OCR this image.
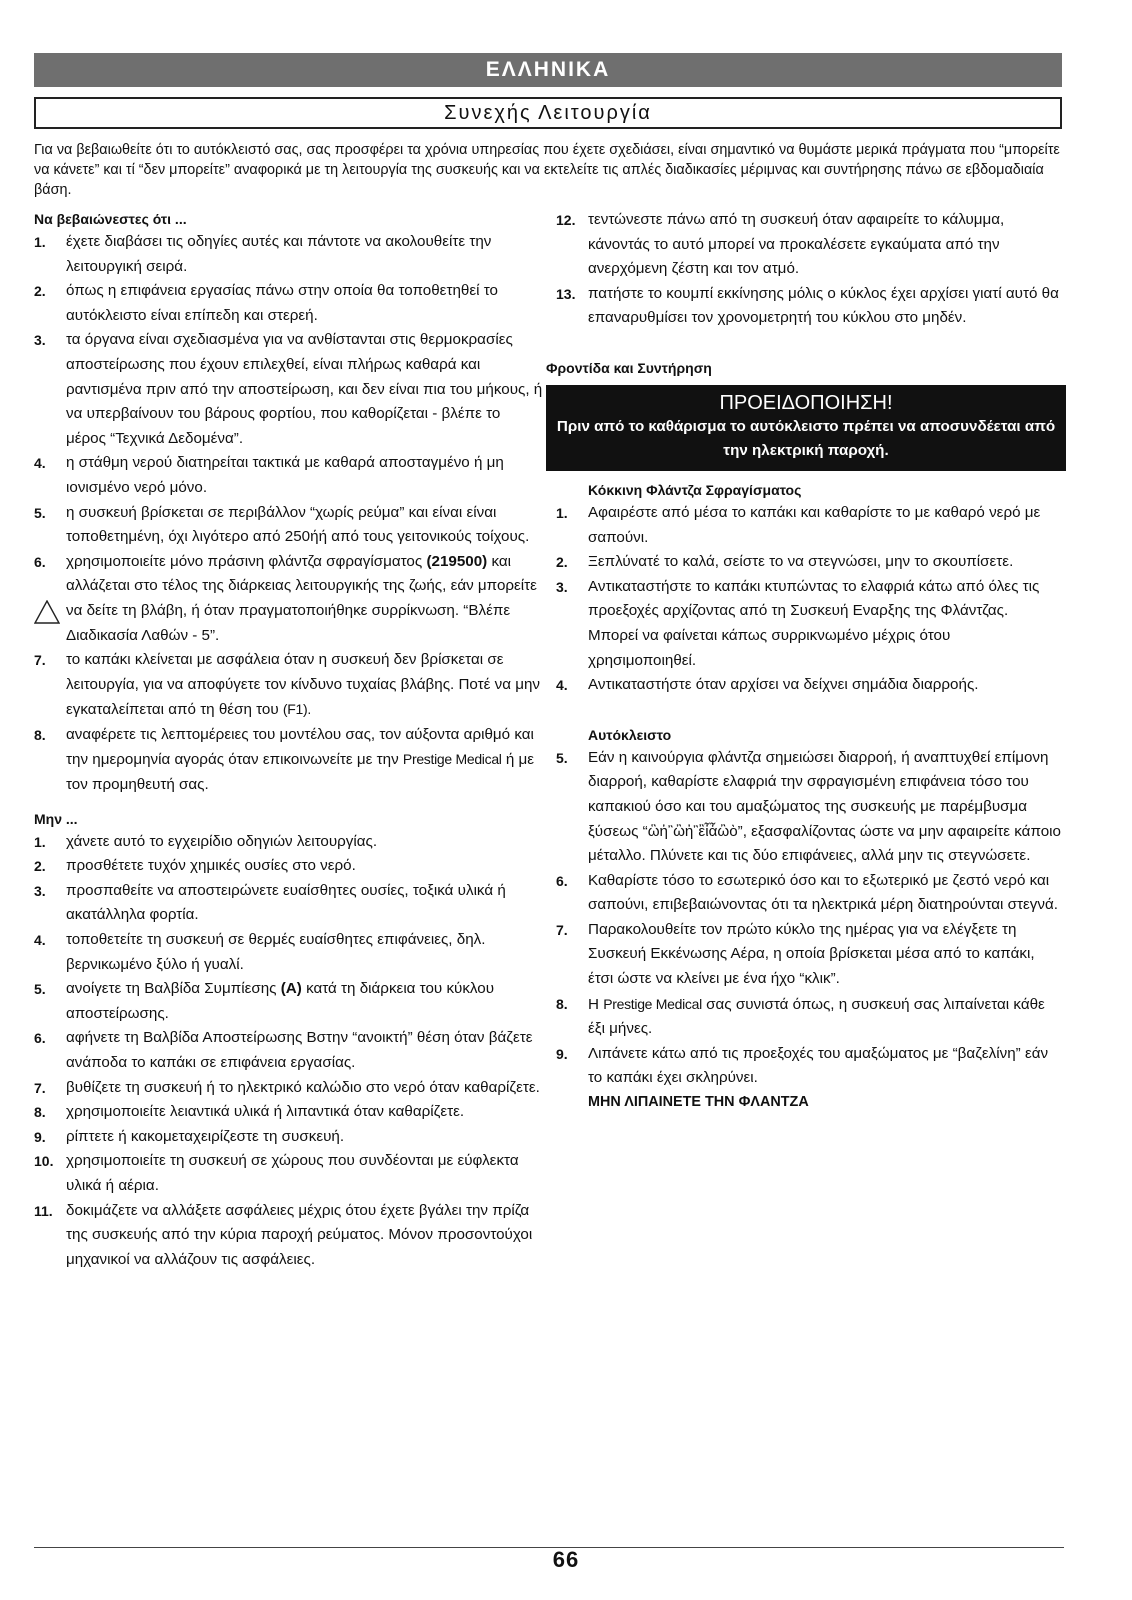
ΕΛΛΗΝΙΚΑ
Συνεχής Λειτουργία
Για να βεβαιωθείτε ότι το αυτόκλειστό σας, σας προσφέρει τα χρόνια υπηρεσίας που έχετε σχεδιάσει, είναι σημαντικό να θυμάστε μερικά πράγματα που “μπορείτε να κάνετε” και τί “δεν μπορείτε” αναφορικά με τη λειτουργία της συσκευής και να εκτελείτε τις απλές διαδικασίες μέριμνας και συντήρησης πάνω σε εβδομαδιαία βάση.
Να βεβαιώνεστες ότι ...
1. έχετε διαβάσει τις οδηγίες αυτές και πάντοτε να ακολουθείτε την λειτουργική σειρά.
2. όπως η επιφάνεια εργασίας πάνω στην οποία θα τοποθετηθεί το αυτόκλειστο είναι επίπεδη και στερεή.
3. τα όργανα είναι σχεδιασμένα για να ανθίστανται στις θερμοκρασίες αποστείρωσης που έχουν επιλεχθεί, είναι πλήρως καθαρά και ραντισμένα πριν από την αποστείρωση, και δεν είναι πια του μήκους, ή να υπερβαίνουν του βάρους φορτίου, που καθορίζεται - βλέπε το μέρος “Τεχνικά Δεδομένα”.
4. η στάθμη νερού διατηρείται τακτικά με καθαρά αποσταγμένο ή μη ιονισμένο νερό μόνο.
5. η συσκευή βρίσκεται σε περιβάλλον “χωρίς ρεύμα” και είναι είναι τοποθετημένη, όχι λιγότερο από 250ήή από τους γειτονικούς τοίχους.
6. χρησιμοποιείτε μόνο πράσινη φλάντζα σφραγίσματος (219500) και αλλάζεται στο τέλος της διάρκειας λειτουργικής της ζωής, εάν μπορείτε να δείτε τη βλάβη, ή όταν πραγματοποιήθηκε συρρίκνωση. “Βλέπε Διαδικασία Λαθών - 5”.
7. το καπάκι κλείνεται με ασφάλεια όταν η συσκευή δεν βρίσκεται σε λειτουργία, για να αποφύγετε τον κίνδυνο τυχαίας βλάβης. Ποτέ να μην εγκαταλείπεται από τη θέση του (F1).
8. αναφέρετε τις λεπτομέρειες του μοντέλου σας, τον αύξοντα αριθμό και την ημερομηνία αγοράς όταν επικοινωνείτε με την Prestige Medical ή με τον προμηθευτή σας.
Μην ...
1. χάνετε αυτό το εγχειρίδιο οδηγιών λειτουργίας.
2. προσθέτετε τυχόν χημικές ουσίες στο νερό.
3. προσπαθείτε να αποστειρώνετε ευαίσθητες ουσίες, τοξικά υλικά ή ακατάλληλα φορτία.
4. τοποθετείτε τη συσκευή σε θερμές ευαίσθητες επιφάνειες, δηλ. βερνικωμένο ξύλο ή γυαλί.
5. ανοίγετε τη Βαλβίδα Συμπίεσης (A) κατά τη διάρκεια του κύκλου αποστείρωσης.
6. αφήνετε τη Βαλβίδα Αποστείρωσης Βστην “ανοικτή” θέση όταν βάζετε ανάποδα το καπάκι σε επιφάνεια εργασίας.
7. βυθίζετε τη συσκευή ή το ηλεκτρικό καλώδιο στο νερό όταν καθαρίζετε.
8. χρησιμοποιείτε λειαντικά υλικά ή λιπαντικά όταν καθαρίζετε.
9. ρίπτετε ή κακομεταχειρίζεστε τη συσκευή.
10. χρησιμοποιείτε τη συσκευή σε χώρους που συνδέονται με εύφλεκτα υλικά ή αέρια.
11. δοκιμάζετε να αλλάξετε ασφάλειες μέχρις ότου έχετε βγάλει την πρίζα της συσκευής από την κύρια παροχή ρεύματος. Μόνον προσοντούχοι μηχανικοί να αλλάζουν τις ασφάλειες.
12. τεντώνεστε πάνω από τη συσκευή όταν αφαιρείτε το κάλυμμα, κάνοντάς το αυτό μπορεί να προκαλέσετε εγκαύματα από την ανερχόμενη ζέστη και τον ατμό.
13. πατήστε το κουμπί εκκίνησης μόλις ο κύκλος έχει αρχίσει γιατί αυτό θα επαναρυθμίσει τον χρονομετρητή του κύκλου στο μηδέν.
Φροντίδα και Συντήρηση
ΠΡΟΕΙΔΟΠΟΙΗΣΗ!
Πριν από το καθάρισμα το αυτόκλειστο πρέπει να αποσυνδέεται από την ηλεκτρική παροχή.
Κόκκινη Φλάντζα Σφραγίσματος
1. Αφαιρέστε από μέσα το καπάκι και καθαρίστε το με καθαρό νερό με σαπούνι.
2. Ξεπλύνατέ το καλά, σείστε το να στεγνώσει, μην το σκουπίσετε.
3. Αντικαταστήστε το καπάκι κτυπώντας το ελαφριά κάτω από όλες τις προεξοχές αρχίζοντας από τη Συσκευή Εναρξης της Φλάντζας. Μπορεί να φαίνεται κάπως συρρικνωμένο μέχρις ότου χρησιμοποιηθεί.
4. Αντικαταστήστε όταν αρχίσει να δείχνει σημάδια διαρροής.
Αυτόκλειστο
5. Εάν η καινούργια φλάντζα σημειώσει διαρροή, ή αναπτυχθεί επίμονη διαρροή, καθαρίστε ελαφριά την σφραγισμένη επιφάνεια τόσο του καπακιού όσο και του αμαξώματος της συσκευής με παρέμβυσμα ξύσεως “ὣἠ῍ὢἠ῍ἒἶἆὢὸ”, εξασφαλίζοντας ώστε να μην αφαιρείτε κάποιο μέταλλο. Πλύνετε και τις δύο επιφάνειες, αλλά μην τις στεγνώσετε.
6. Καθαρίστε τόσο το εσωτερικό όσο και το εξωτερικό με ζεστό νερό και σαπούνι, επιβεβαιώνοντας ότι τα ηλεκτρικά μέρη διατηρούνται στεγνά.
7. Παρακολουθείτε τον πρώτο κύκλο της ημέρας για να ελέγξετε τη Συσκευή Εκκένωσης Αέρα, η οποία βρίσκεται μέσα από το καπάκι, έτσι ώστε να κλείνει με ένα ήχο “κλικ”.
8. Η Prestige Medical σας συνιστά όπως, η συσκευή σας λιπαίνεται κάθε έξι μήνες.
9. Λιπάνετε κάτω από τις προεξοχές του αμαξώματος με “βαζελίνη” εάν το καπάκι έχει σκληρύνει.
ΜΗΝ ΛΙΠΑΙΝΕΤΕ ΤΗΝ ΦΛΑΝΤΖΑ
66
